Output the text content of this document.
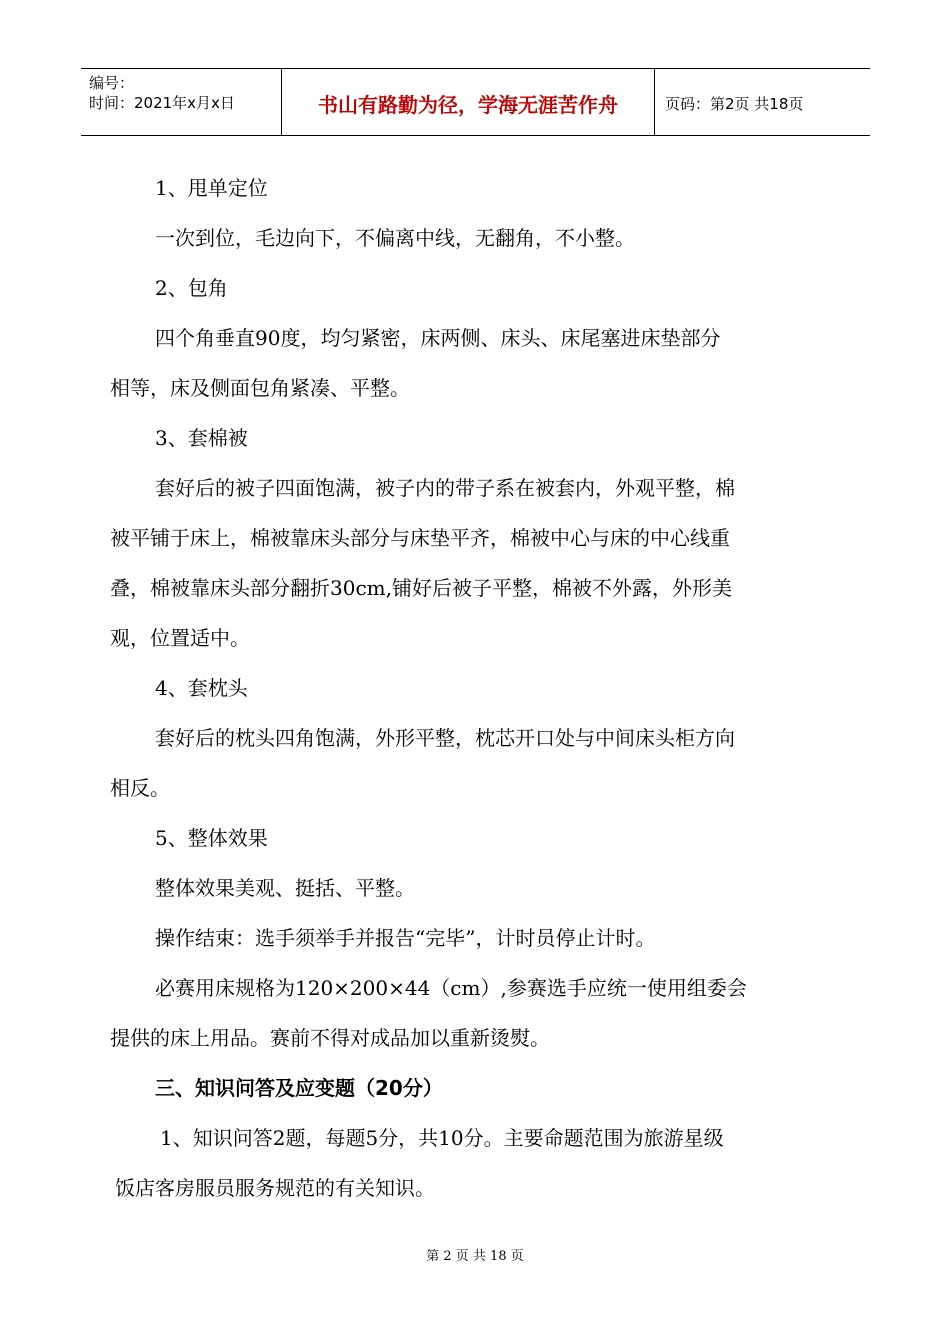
编号：
时间：2021年x月x日	书山有路勤为径，学海无涯苦作舟	页码：第2页 共18页
1、甩单定位
一次到位，毛边向下，不偏离中线，无翻角，不小整。
2、包角
四个角垂直90度，均匀紧密，床两侧、床头、床尾塞进床垫部分
相等，床及侧面包角紧凑、平整。
3、套棉被
套好后的被子四面饱满，被子内的带子系在被套内，外观平整，棉
被平铺于床上，棉被靠床头部分与床垫平齐，棉被中心与床的中心线重
叠，棉被靠床头部分翻折30cm,铺好后被子平整，棉被不外露，外形美
观，位置适中。
4、套枕头
套好后的枕头四角饱满，外形平整，枕芯开口处与中间床头柜方向
相反。
5、整体效果
整体效果美观、挺括、平整。
操作结束：选手须举手并报告“完毕”，计时员停止计时。
必赛用床规格为120×200×44（cm）,参赛选手应统一使用组委会
提供的床上用品。赛前不得对成品加以重新烫熨。
三、知识问答及应变题（20分）
1、知识问答2题，每题5分，共10分。主要命题范围为旅游星级
饭店客房服员服务规范的有关知识。
第 2 页 共 18 页
